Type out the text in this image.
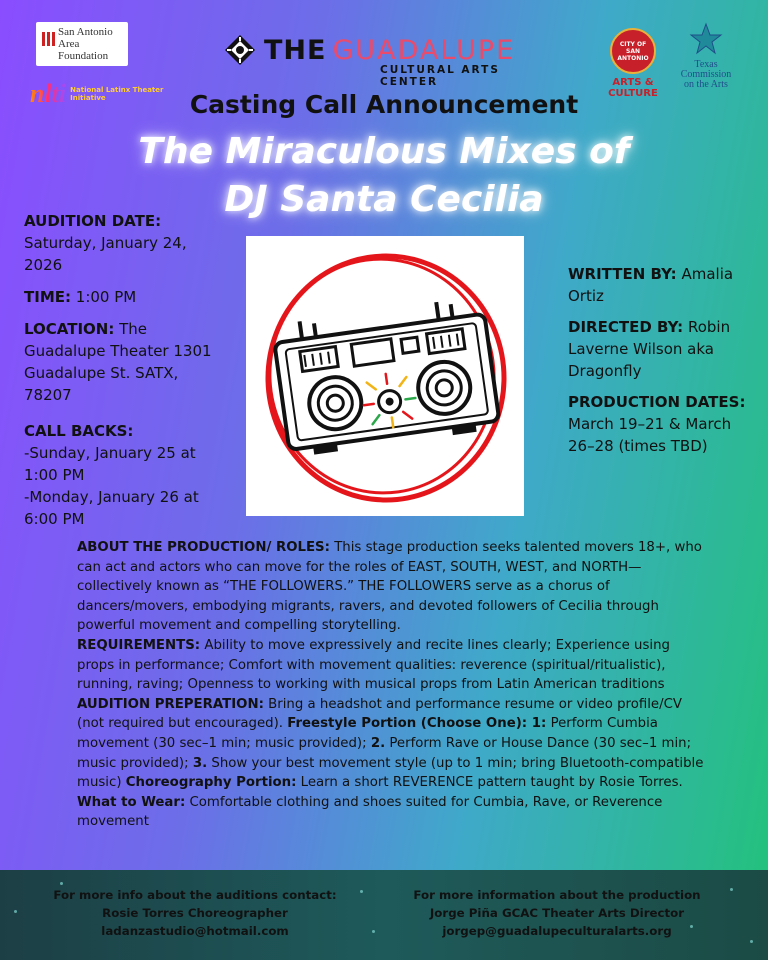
San Antonio
Area Foundation
nlti National Latinx Theater Initiative
THE GUADALUPE
CULTURAL ARTS CENTER
CITY OF SAN ANTONIO
ARTS & CULTURE
Texas Commission on the Arts
Casting Call Announcement
The Miraculous Mixes of
DJ Santa Cecilia

AUDITION DATE:
Saturday, January 24, 2026

TIME: 1:00 PM

LOCATION: The Guadalupe Theater 1301 Guadalupe St. SATX, 78207

CALL BACKS:
-Sunday, January 25 at 1:00 PM
-Monday, January 26 at 6:00 PM

WRITTEN BY: Amalia Ortiz

DIRECTED BY: Robin Laverne Wilson aka Dragonfly

PRODUCTION DATES: March 19–21 & March 26–28 (times TBD)

ABOUT THE PRODUCTION/ ROLES: This stage production seeks talented movers 18+, who can act and actors who can move for the roles of EAST, SOUTH, WEST, and NORTH—collectively known as “THE FOLLOWERS.” THE FOLLOWERS serve as a chorus of dancers/movers, embodying migrants, ravers, and devoted followers of Cecilia through powerful movement and compelling storytelling.
REQUIREMENTS: Ability to move expressively and recite lines clearly; Experience using props in performance; Comfort with movement qualities: reverence (spiritual/ritualistic), running, raving; Openness to working with musical props from Latin American traditions
AUDITION PREPERATION: Bring a headshot and performance resume or video profile/CV (not required but encouraged). Freestyle Portion (Choose One): 1: Perform Cumbia movement (30 sec–1 min; music provided); 2. Perform Rave or House Dance (30 sec–1 min; music provided); 3. Show your best movement style (up to 1 min; bring Bluetooth-compatible music) Choreography Portion: Learn a short REVERENCE pattern taught by Rosie Torres. What to Wear: Comfortable clothing and shoes suited for Cumbia, Rave, or Reverence movement
For more info about the auditions contact:
Rosie Torres Choreographer
ladanzastudio@hotmail.com
For more information about the production
Jorge Piña GCAC Theater Arts Director
jorgep@guadalupeculturalarts.org
